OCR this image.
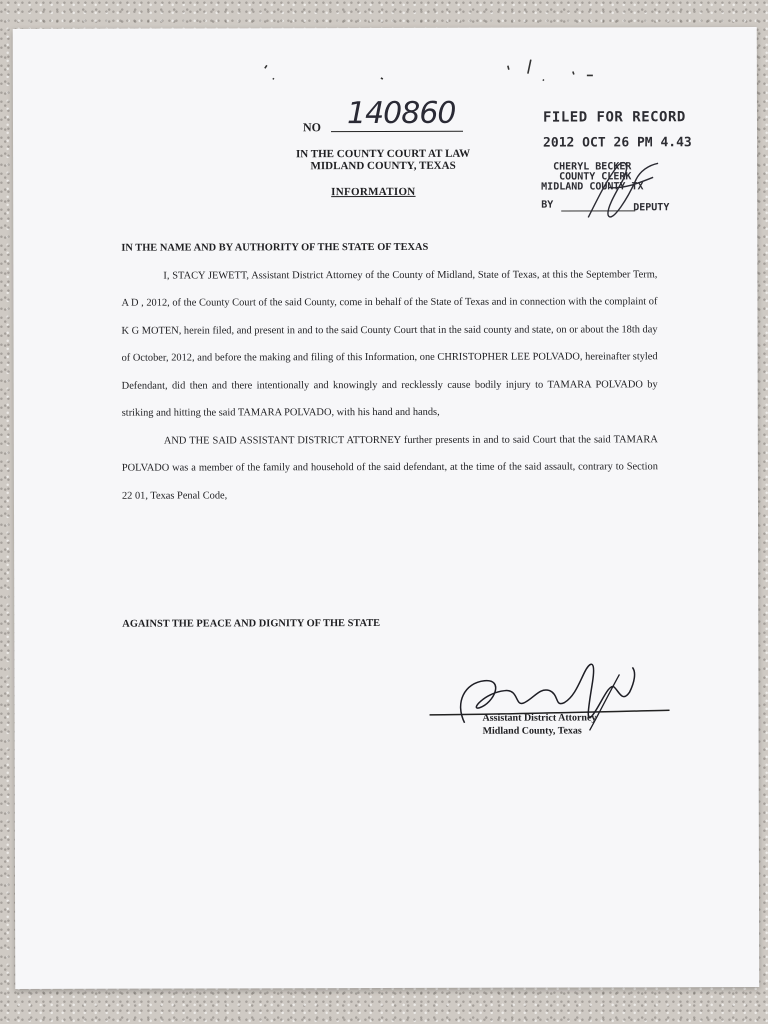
NO 140860
IN THE COUNTY COURT AT LAW
MIDLAND COUNTY, TEXAS
INFORMATION
FILED FOR RECORD
2012 OCT 26 PM 4.43
CHERYL BECKER
COUNTY CLERK
MIDLAND COUNTY TX
BY	DEPUTY

IN THE NAME AND BY AUTHORITY OF THE STATE OF TEXAS

I, STACY JEWETT, Assistant District Attorney of the County of Midland, State of Texas, at this the September Term, A D , 2012, of the County Court of the said County, come in behalf of the State of Texas and in connection with the complaint of K G MOTEN, herein filed, and present in and to the said County Court that in the said county and state, on or about the 18th day of October, 2012, and before the making and filing of this Information, one CHRISTOPHER LEE POLVADO, hereinafter styled Defendant, did then and there intentionally and knowingly and recklessly cause bodily injury to TAMARA POLVADO by striking and hitting the said TAMARA POLVADO, with his hand and hands,

AND THE SAID ASSISTANT DISTRICT ATTORNEY further presents in and to said Court that the said TAMARA POLVADO was a member of the family and household of the said defendant, at the time of the said assault, contrary to Section 22 01, Texas Penal Code,

AGAINST THE PEACE AND DIGNITY OF THE STATE
Assistant District Attorney
Midland County, Texas
